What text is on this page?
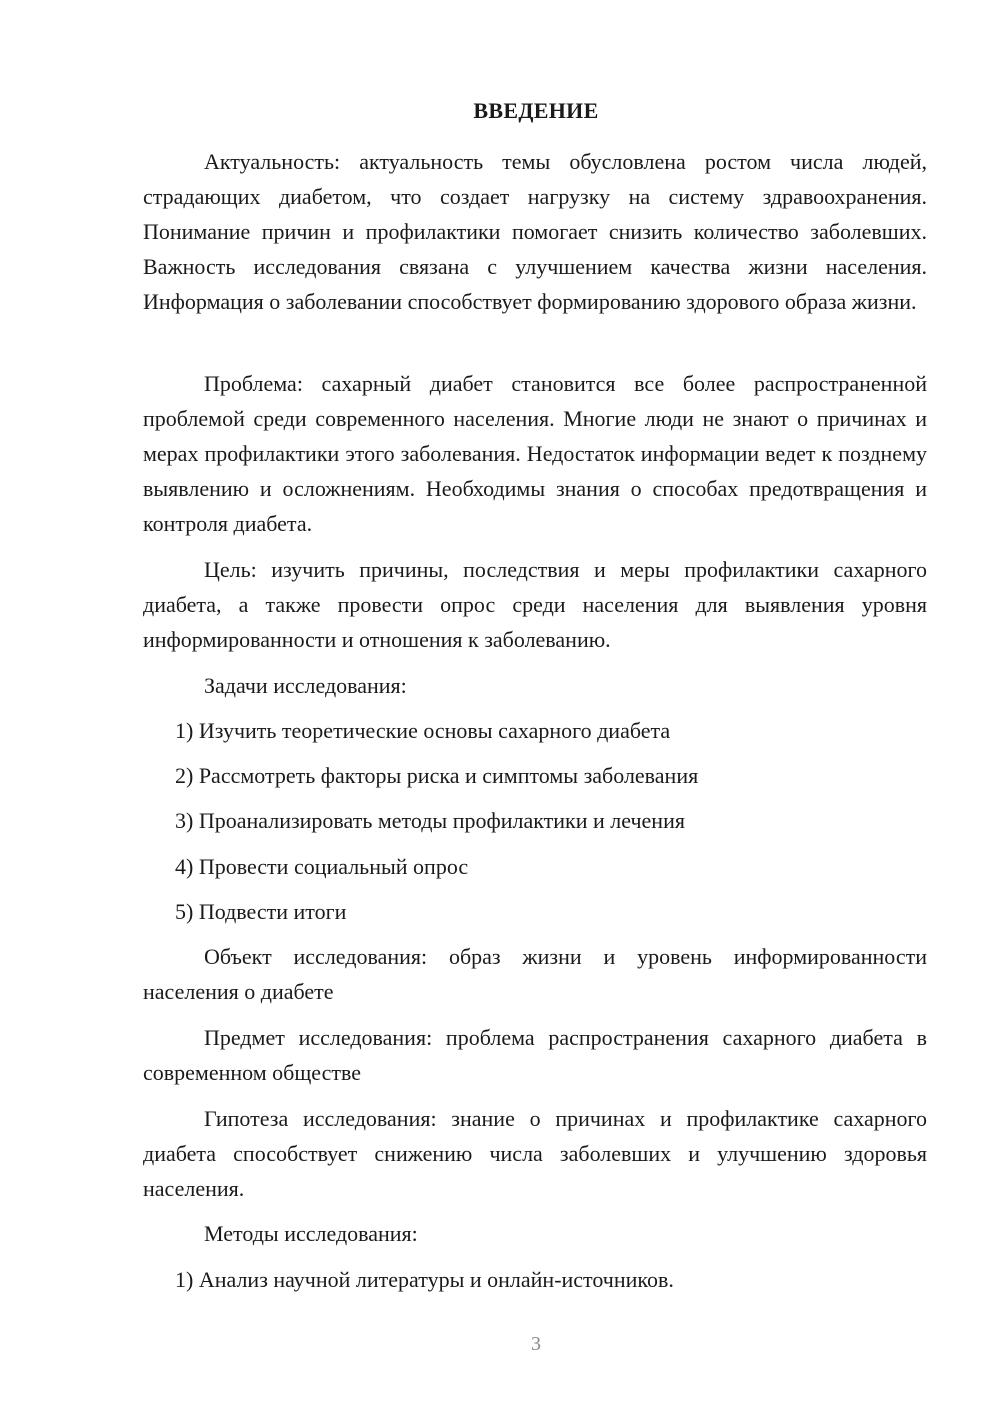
ВВЕДЕНИЕ

Актуальность: актуальность темы обусловлена ростом числа людей, страдающих диабетом, что создает нагрузку на систему здравоохранения. Понимание причин и профилактики помогает снизить количество заболевших. Важность исследования связана с улучшением качества жизни населения. Информация о заболевании способствует формированию здорового образа жизни.

Проблема: сахарный диабет становится все более распространенной проблемой среди современного населения. Многие люди не знают о причинах и мерах профилактики этого заболевания. Недостаток информации ведет к позднему выявлению и осложнениям. Необходимы знания о способах предотвращения и контроля диабета.

Цель: изучить причины, последствия и меры профилактики сахарного диабета, а также провести опрос среди населения для выявления уровня информированности и отношения к заболеванию.

Задачи исследования:

1) Изучить теоретические основы сахарного диабета

2) Рассмотреть факторы риска и симптомы заболевания

3) Проанализировать методы профилактики и лечения

4) Провести социальный опрос

5) Подвести итоги

Объект исследования: образ жизни и уровень информированности населения о диабете

Предмет исследования: проблема распространения сахарного диабета в современном обществе

Гипотеза исследования: знание о причинах и профилактике сахарного диабета способствует снижению числа заболевших и улучшению здоровья населения.

Методы исследования:

1) Анализ научной литературы и онлайн-источников.

3
